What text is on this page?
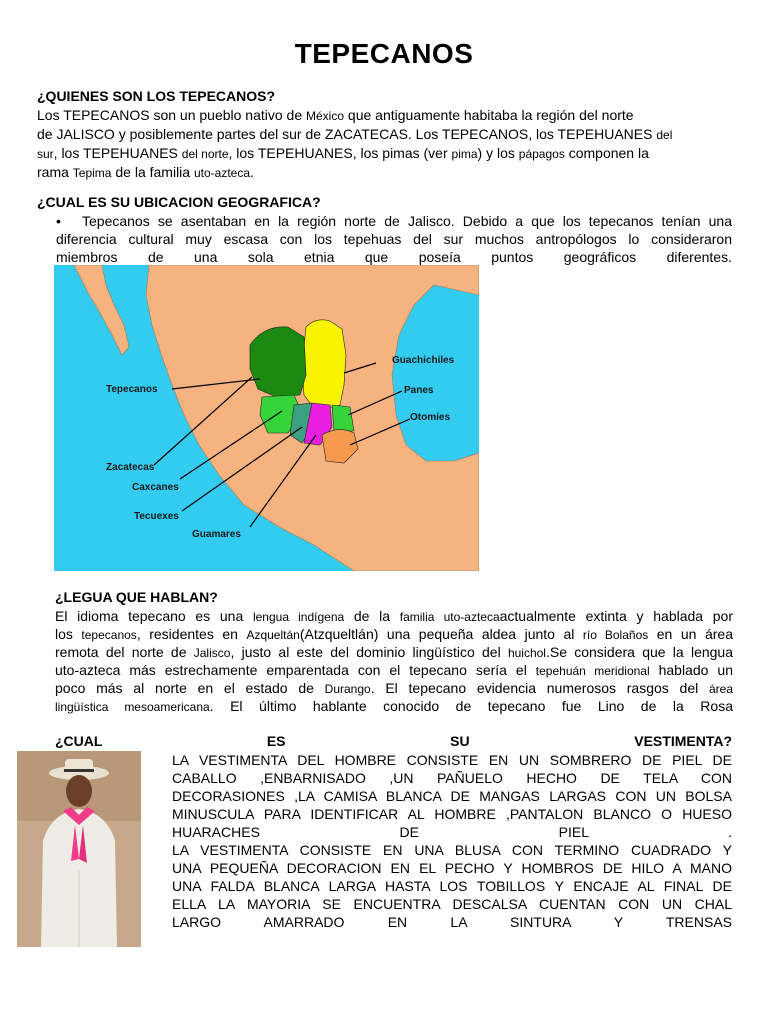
TEPECANOS
¿QUIENES SON LOS TEPECANOS?
Los TEPECANOS son un pueblo nativo de México que antiguamente habitaba la región del norte
de JALISCO y posiblemente partes del sur de ZACATECAS. Los TEPECANOS, los TEPEHUANES del
sur, los TEPEHUANES del norte, los TEPEHUANES, los pimas (ver pima) y los pápagos componen la
rama Tepima de la familia uto-azteca.
¿CUAL ES SU UBICACION GEOGRAFICA?
• Tepecanos se asentaban en la región norte de Jalisco. Debido a que los tepecanos tenían una
diferencia cultural muy escasa con los tepehuas del sur muchos antropólogos lo consideraron
miembros de una sola etnia que poseía puntos geográficos diferentes.
Tepecanos
Guachichiles
Panes
Otomíes
Zacatecas
Caxcanes
Tecuexes
Guamares
¿LEGUA QUE HABLAN?
El idioma tepecano es una lengua indígena de la familia uto-aztecaactualmente extinta y hablada por
los tepecanos, residentes en Azqueltán(Atzqueltlán) una pequeña aldea junto al río Bolaños en un área
remota del norte de Jalisco, justo al este del dominio lingüístico del huichol.Se considera que la lengua
uto-azteca más estrechamente emparentada con el tepecano sería el tepehuán meridional hablado un
poco más al norte en el estado de Durango. El tepecano evidencia numerosos rasgos del área
lingüística mesoamericana. El último hablante conocido de tepecano fue Lino de la Rosa
¿CUAL ES SU VESTIMENTA?
LA VESTIMENTA DEL HOMBRE CONSISTE EN UN SOMBRERO DE PIEL DE
CABALLO ,ENBARNISADO ,UN PAÑUELO HECHO DE TELA CON
DECORASIONES ,LA CAMISA BLANCA DE MANGAS LARGAS CON UN BOLSA
MINUSCULA PARA IDENTIFICAR AL HOMBRE ,PANTALON BLANCO O HUESO
HUARACHES DE PIEL .
LA VESTIMENTA CONSISTE EN UNA BLUSA CON TERMINO CUADRADO Y
UNA PEQUEÑA DECORACION EN EL PECHO Y HOMBROS DE HILO A MANO
UNA FALDA BLANCA LARGA HASTA LOS TOBILLOS Y ENCAJE AL FINAL DE
ELLA LA MAYORIA SE ENCUENTRA DESCALSA CUENTAN CON UN CHAL
LARGO AMARRADO EN LA SINTURA Y TRENSAS
